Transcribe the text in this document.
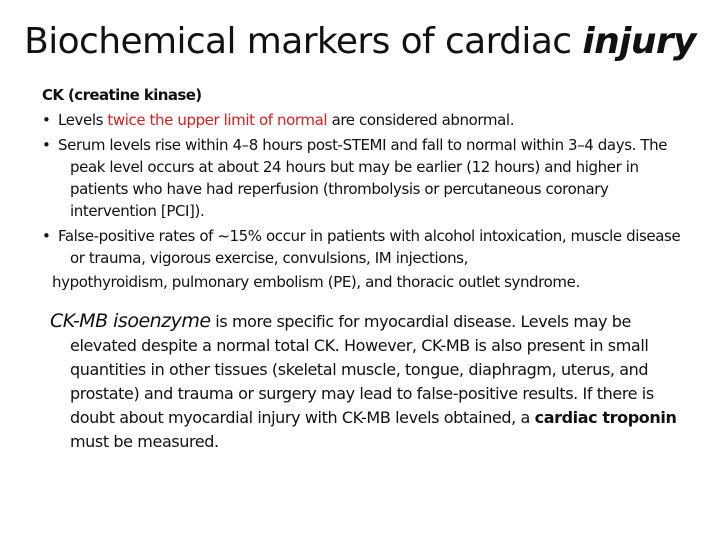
Biochemical markers of cardiac injury

CK (creatine kinase)

• Levels twice the upper limit of normal are considered abnormal.

• Serum levels rise within 4–8 hours post-STEMI and fall to normal within 3–4 days. The peak level occurs at about 24 hours but may be earlier (12 hours) and higher in patients who have had reperfusion (thrombolysis or percutaneous coronary intervention [PCI]).

• False-positive rates of ~15% occur in patients with alcohol intoxication, muscle disease or trauma, vigorous exercise, convulsions, IM injections,

hypothyroidism, pulmonary embolism (PE), and thoracic outlet syndrome.

CK-MB isoenzyme is more specific for myocardial disease. Levels may be elevated despite a normal total CK. However, CK-MB is also present in small quantities in other tissues (skeletal muscle, tongue, diaphragm, uterus, and prostate) and trauma or surgery may lead to false-positive results. If there is doubt about myocardial injury with CK-MB levels obtained, a cardiac troponin must be measured.
